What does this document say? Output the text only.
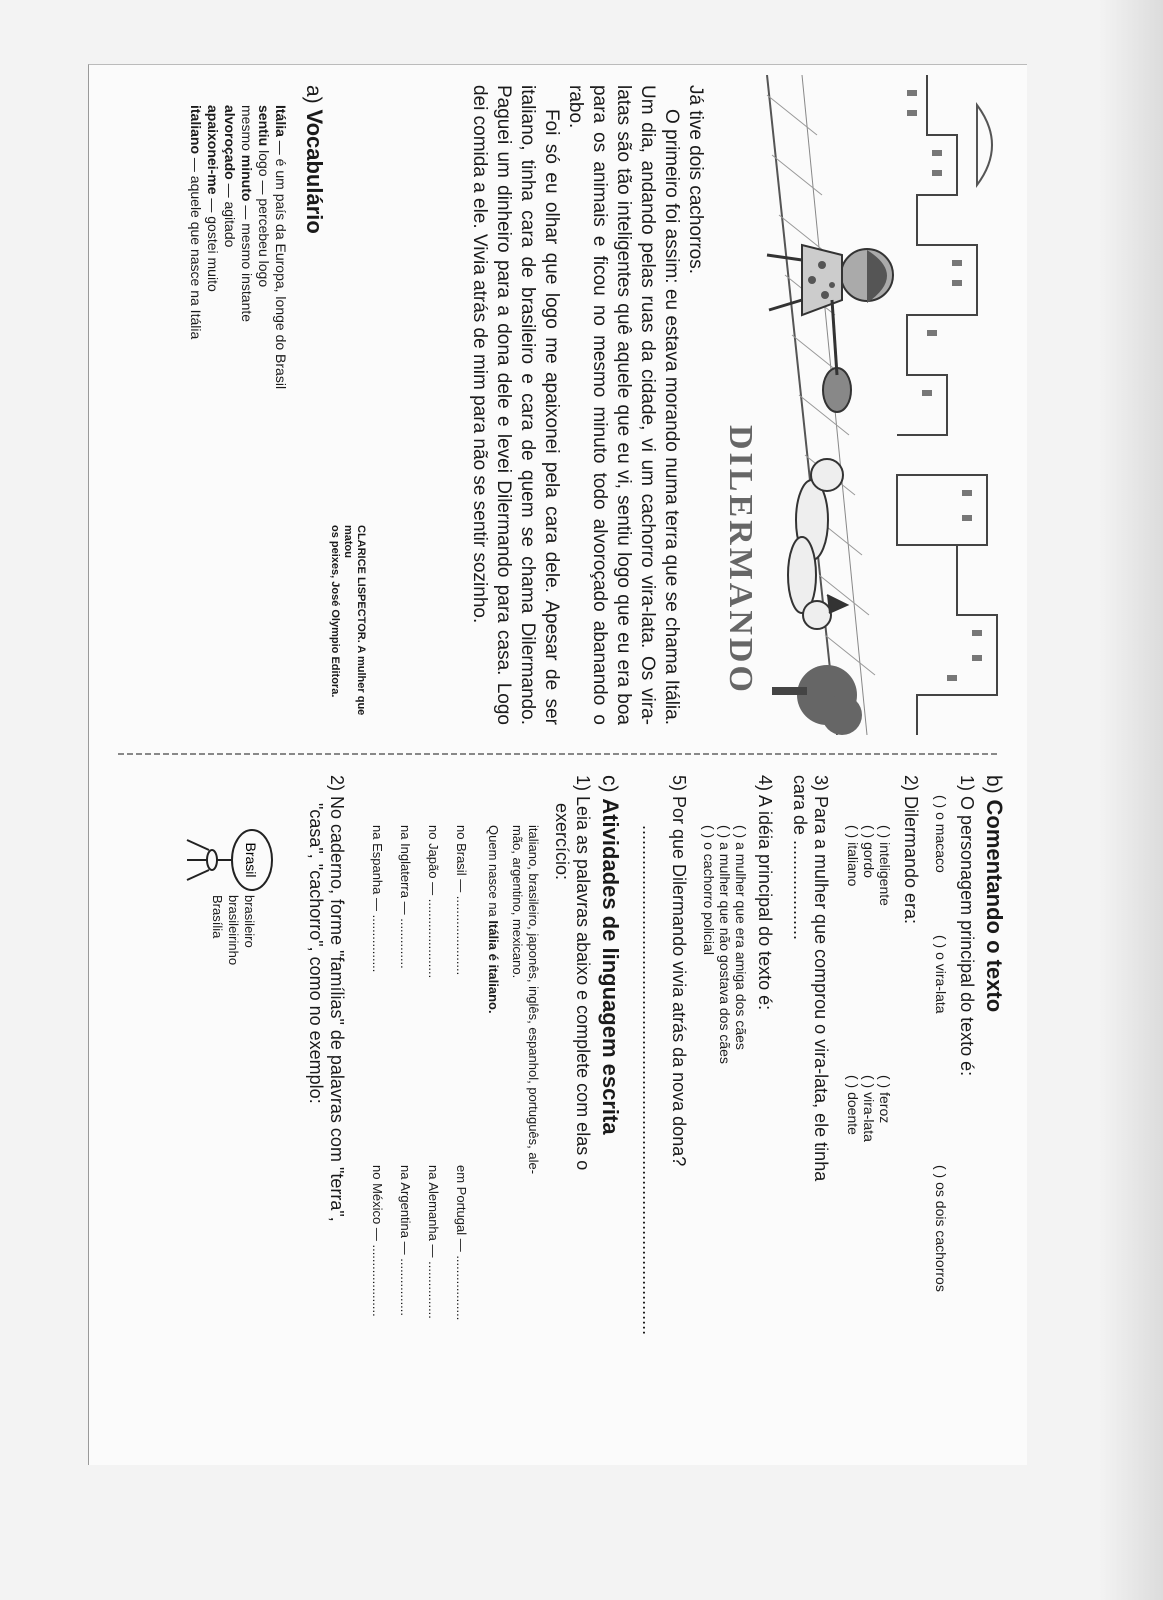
DILERMANDO

Já tive dois cachorros.

O primeiro foi assim: eu estava morando numa terra que se chama Itália. Um dia, andando pelas ruas da cidade, vi um cachorro vira-lata. Os vira-latas são tão inteligentes quê aquele que eu vi, sentiu logo que eu era boa para os animais e ficou no mesmo minuto todo alvoroçado abanando o rabo.

Foi só eu olhar que logo me apaixonei pela cara dele. Apesar de ser italiano, tinha cara de brasileiro e cara de quem se chama Dilermando. Paguei um dinheiro para a dona dele e levei Dilermando para casa. Logo dei comida a ele. Vivia atrás de mim para não se sentir sozinho.

CLARICE LISPECTOR. A mulher que matou
os peixes, José Olympio Editora.
a) Vocabulário
Itália — é um país da Europa, longe do Brasil
sentiu logo — percebeu logo
mesmo minuto — mesmo instante
alvoroçado — agitado
apaixonei-me — gostei muito
italiano — aquele que nasce na Itália
b) Comentando o texto
1) O personagem principal do texto é:
( ) o macaco
( ) o vira-lata
( ) os dois cachorros
2) Dilermando era:
( ) inteligente
( ) gordo
( ) italiano
( ) feroz
( ) vira-lata
( ) doente
3) Para a mulher que comprou o vira-lata, ele tinha
cara de ....................
4) A idéia principal do texto é:
( ) a mulher que era amiga dos cães
( ) a mulher que não gostava dos cães
( ) o cachorro policial
5) Por que Dilermando vivia atrás da nova dona?
......................................................................................................
c) Atividades de linguagem escrita
1) Leia as palavras abaixo e complete com elas o
exercício:
italiano, brasileiro, japonês, inglês, espanhol, português, ale-
mão, argentino, mexicano.
Quem nasce na Itália é italiano.
no Brasil — ......................
no Japão — ......................
na Inglaterra — ..............
na Espanha — ................
em Portugal — ..................
na Alemanha — ................
na Argentina — ................
no México — ....................
2) No caderno, forme "famílias" de palavras com "terra",
"casa", "cachorro", como no exemplo:
Brasil
brasileiro
brasileirinho
Brasília
